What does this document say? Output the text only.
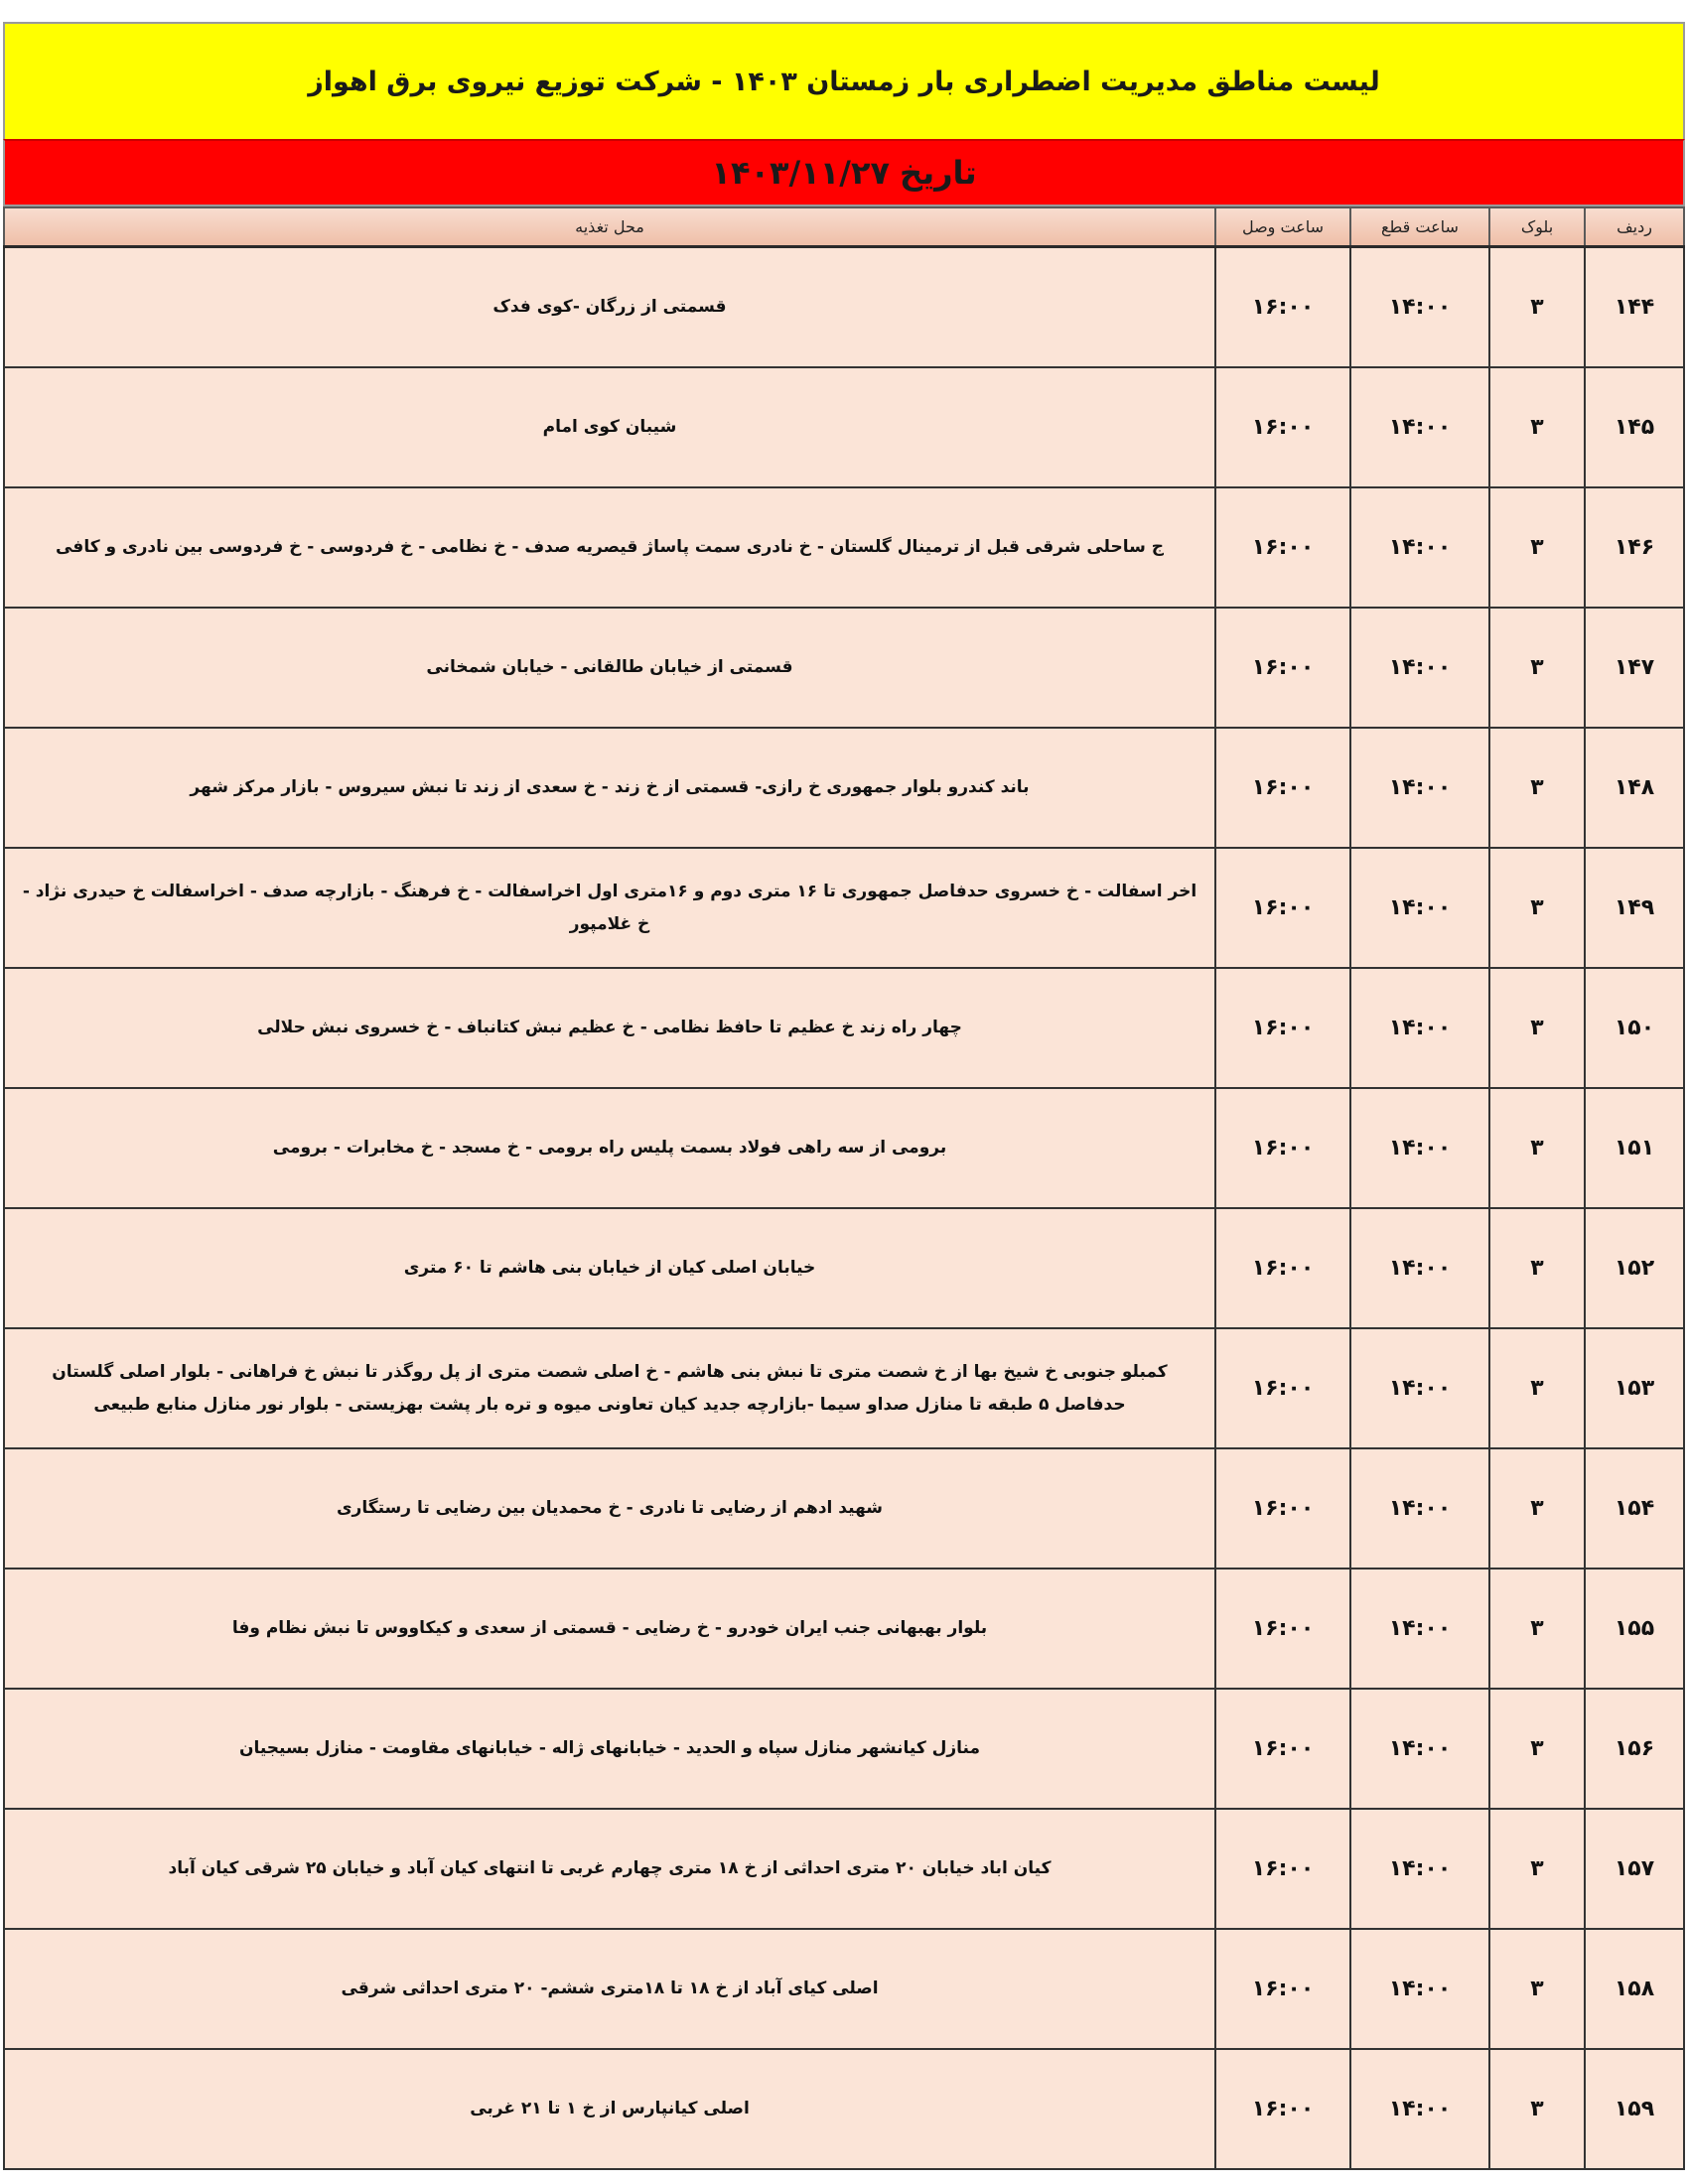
لیست مناطق مدیریت اضطراری بار زمستان ۱۴۰۳ - شرکت توزیع نیروی برق اهواز
تاریخ
۱۴۰۳/۱۱/۲۷
ردیف	بلوک	ساعت قطع	ساعت وصل	محل تغذیه
۱۴۴	۳	۱۴:۰۰	۱۶:۰۰	قسمتی از زرگان -کوی فدک
۱۴۵	۳	۱۴:۰۰	۱۶:۰۰	شیبان کوی امام
۱۴۶	۳	۱۴:۰۰	۱۶:۰۰	ج ساحلی شرقی قبل از ترمینال گلستان - خ نادری سمت پاساژ قیصریه صدف - خ نظامی - خ فردوسی - خ فردوسی بین نادری و کافی
۱۴۷	۳	۱۴:۰۰	۱۶:۰۰	قسمتی از خیابان طالقانی - خیابان شمخانی
۱۴۸	۳	۱۴:۰۰	۱۶:۰۰	باند کندرو بلوار جمهوری خ رازی- قسمتی از خ زند - خ سعدی از زند تا نبش سیروس - بازار مرکز شهر
۱۴۹	۳	۱۴:۰۰	۱۶:۰۰	اخر اسفالت - خ خسروی حدفاصل جمهوری تا ۱۶ متری دوم و ۱۶متری اول اخراسفالت - خ فرهنگ - بازارچه صدف - اخراسفالت خ حیدری نژاد - خ غلامپور
۱۵۰	۳	۱۴:۰۰	۱۶:۰۰	چهار راه زند خ عظیم تا حافظ نظامی - خ عظیم نبش کتانباف - خ خسروی نبش حلالی
۱۵۱	۳	۱۴:۰۰	۱۶:۰۰	برومی از سه راهی فولاد بسمت پلیس راه برومی - خ مسجد - خ مخابرات - برومی
۱۵۲	۳	۱۴:۰۰	۱۶:۰۰	خیابان اصلی کیان از خیابان بنی هاشم تا ۶۰ متری
۱۵۳	۳	۱۴:۰۰	۱۶:۰۰	کمبلو جنوبی خ شیخ بها از خ شصت متری تا نبش بنی هاشم - خ اصلی شصت متری از پل روگذر تا نبش خ فراهانی - بلوار اصلی گلستان حدفاصل ۵ طبقه تا منازل صداو سیما -بازارچه جدید کیان تعاونی میوه و تره بار پشت بهزیستی - بلوار نور منازل منابع طبیعی
۱۵۴	۳	۱۴:۰۰	۱۶:۰۰	شهید ادهم از رضایی تا نادری - خ محمدیان بین رضایی تا رستگاری
۱۵۵	۳	۱۴:۰۰	۱۶:۰۰	بلوار بهبهانی جنب ایران خودرو - خ رضایی - قسمتی از سعدی و کیکاووس تا نبش نظام وفا
۱۵۶	۳	۱۴:۰۰	۱۶:۰۰	منازل کیانشهر منازل سپاه و الحدید - خیابانهای ژاله - خیابانهای مقاومت - منازل بسیجیان
۱۵۷	۳	۱۴:۰۰	۱۶:۰۰	کیان اباد خیابان ۲۰ متری احداثی از خ ۱۸ متری چهارم غربی تا انتهای کیان آباد و خیابان ۲۵ شرقی کیان آباد
۱۵۸	۳	۱۴:۰۰	۱۶:۰۰	اصلی کیای آباد از خ ۱۸ تا ۱۸متری ششم- ۲۰ متری احداثی شرقی
۱۵۹	۳	۱۴:۰۰	۱۶:۰۰	اصلی کیانپارس از خ ۱ تا ۲۱ غربی
